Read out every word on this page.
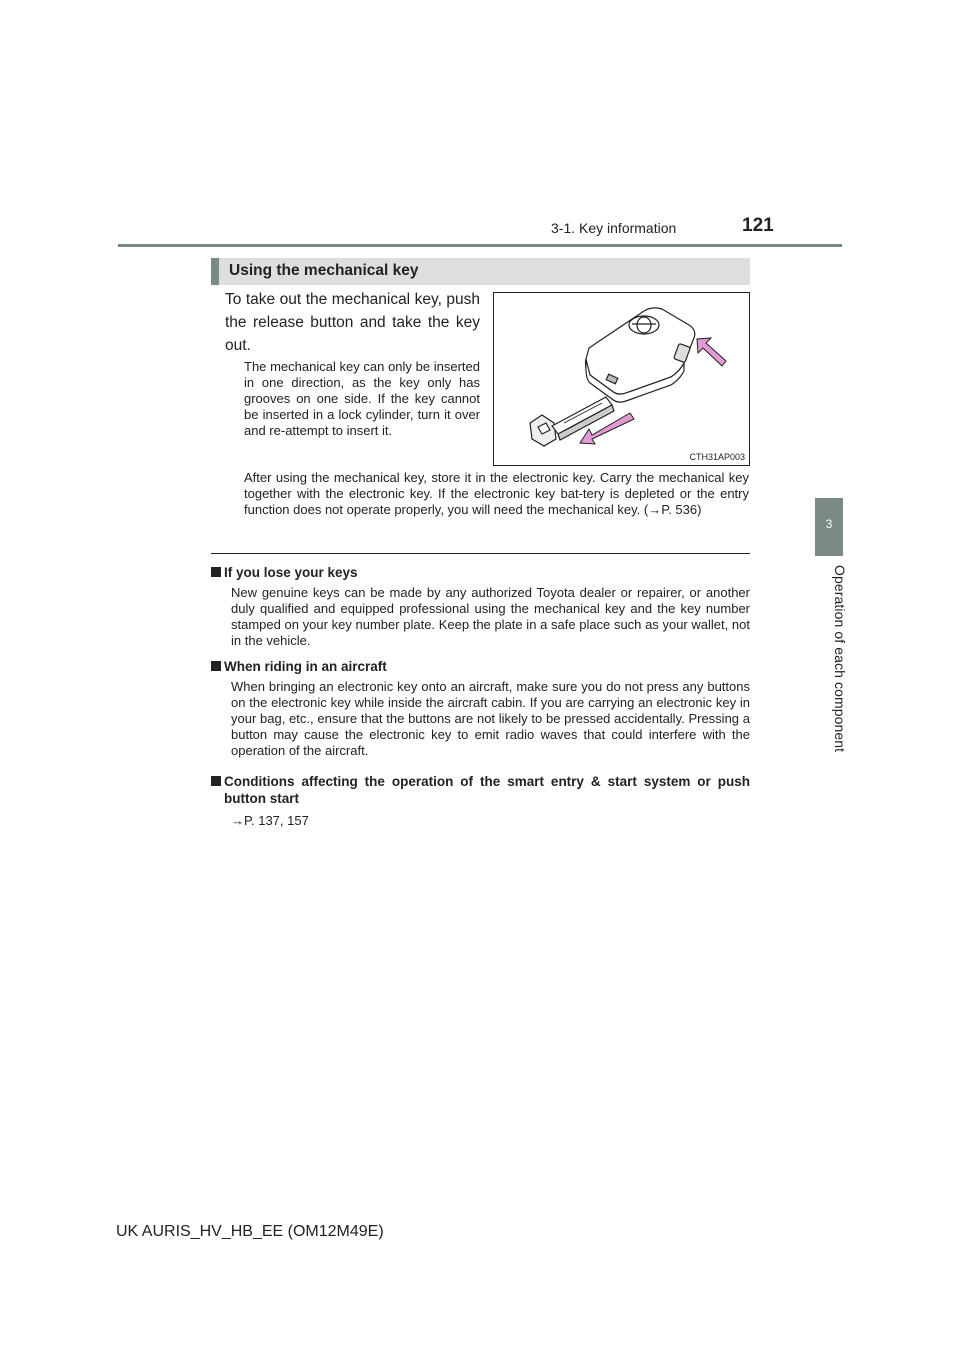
3-1. Key information	121
3
Operation of each component
Using the mechanical key
To take out the mechanical key, push the release button and take the key out.
The mechanical key can only be inserted in one direction, as the key only has grooves on one side. If the key cannot be inserted in a lock cylinder, turn it over and re-attempt to insert it.
After using the mechanical key, store it in the electronic key. Carry the mechanical key together with the electronic key. If the electronic key bat-tery is depleted or the entry function does not operate properly, you will need the mechanical key. (→P. 536)
CTH31AP003
If you lose your keys
New genuine keys can be made by any authorized Toyota dealer or repairer, or another duly qualified and equipped professional using the mechanical key and the key number stamped on your key number plate. Keep the plate in a safe place such as your wallet, not in the vehicle.
When riding in an aircraft
When bringing an electronic key onto an aircraft, make sure you do not press any buttons on the electronic key while inside the aircraft cabin. If you are carrying an electronic key in your bag, etc., ensure that the buttons are not likely to be pressed accidentally. Pressing a button may cause the electronic key to emit radio waves that could interfere with the operation of the aircraft.
Conditions affecting the operation of the smart entry & start system or push button start
→P. 137, 157
UK AURIS_HV_HB_EE (OM12M49E)
